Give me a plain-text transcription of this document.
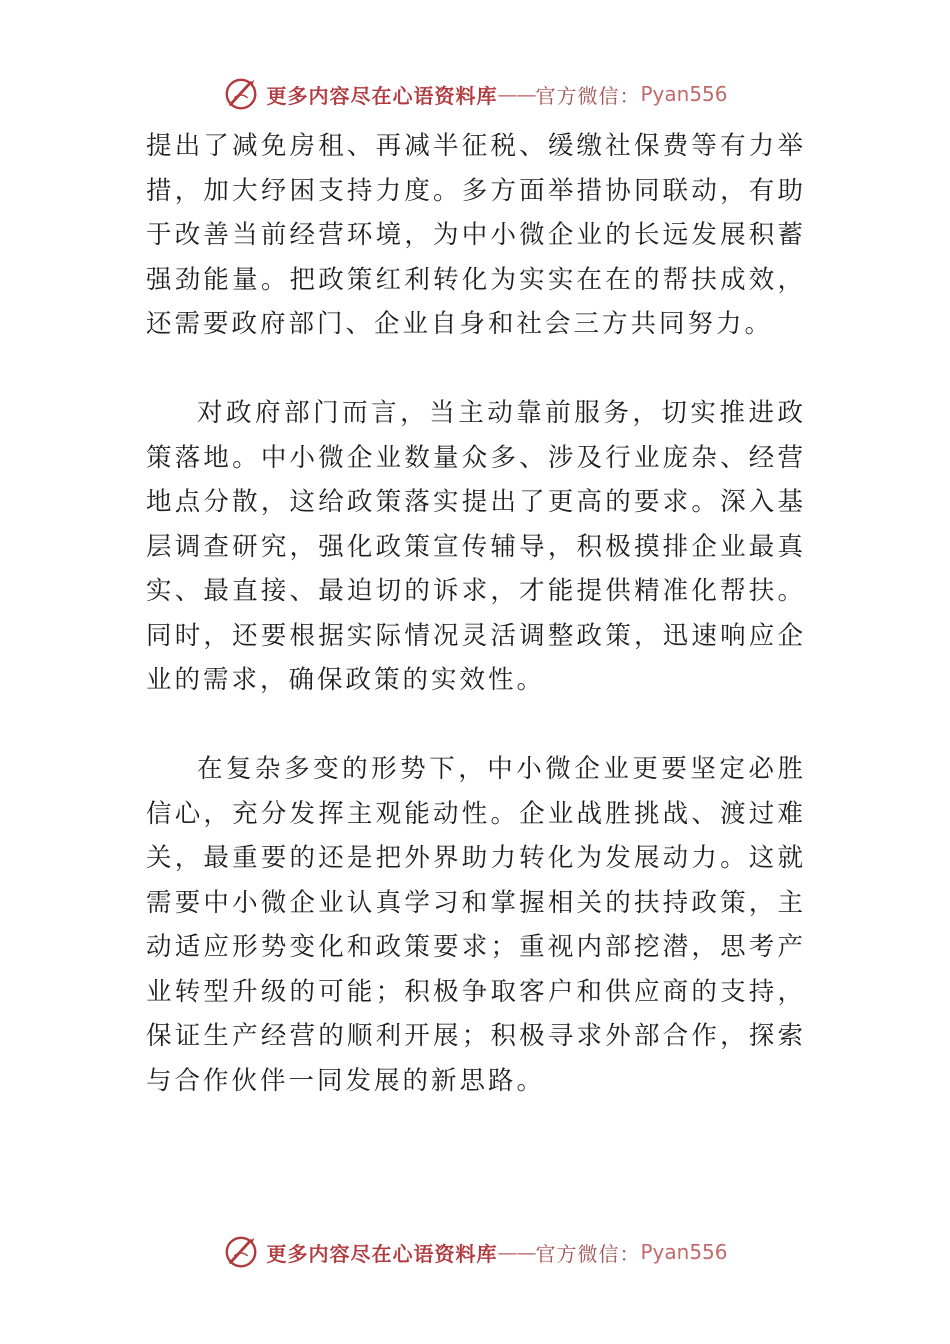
更多内容尽在心语资料库 —— 官方微信： Pyan556

提出了减免房租、再减半征税、缓缴社保费等有力举措，加大纾困支持力度。多方面举措协同联动，有助于改善当前经营环境，为中小微企业的长远发展积蓄强劲能量。把政策红利转化为实实在在的帮扶成效，还需要政府部门、企业自身和社会三方共同努力。

对政府部门而言，当主动靠前服务，切实推进政策落地。中小微企业数量众多、涉及行业庞杂、经营地点分散，这给政策落实提出了更高的要求。深入基层调查研究，强化政策宣传辅导，积极摸排企业最真实、最直接、最迫切的诉求，才能提供精准化帮扶。同时，还要根据实际情况灵活调整政策，迅速响应企业的需求，确保政策的实效性。

在复杂多变的形势下，中小微企业更要坚定必胜信心，充分发挥主观能动性。企业战胜挑战、渡过难关，最重要的还是把外界助力转化为发展动力。这就需要中小微企业认真学习和掌握相关的扶持政策，主动适应形势变化和政策要求；重视内部挖潜，思考产业转型升级的可能；积极争取客户和供应商的支持，保证生产经营的顺利开展；积极寻求外部合作，探索与合作伙伴一同发展的新思路。

更多内容尽在心语资料库 —— 官方微信： Pyan556
